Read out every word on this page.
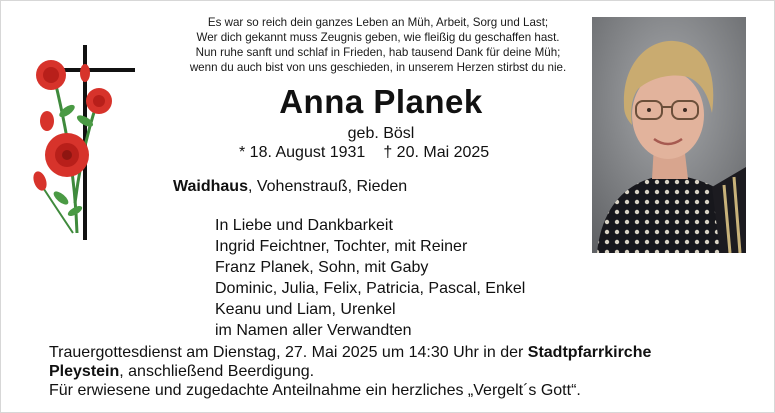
Es war so reich dein ganzes Leben an Müh, Arbeit, Sorg und Last;
Wer dich gekannt muss Zeugnis geben, wie fleißig du geschaffen hast.
Nun ruhe sanft und schlaf in Frieden, hab tausend Dank für deine Müh;
wenn du auch bist von uns geschieden, in unserem Herzen stirbst du nie.
Anna Planek
geb. Bösl
* 18. August 1931 † 20. Mai 2025
Waidhaus, Vohenstrauß, Rieden
In Liebe und Dankbarkeit
Ingrid Feichtner, Tochter, mit Reiner
Franz Planek, Sohn, mit Gaby
Dominic, Julia, Felix, Patricia, Pascal, Enkel
Keanu und Liam, Urenkel
im Namen aller Verwandten
Trauergottesdienst am Dienstag, 27. Mai 2025 um 14:30 Uhr in der Stadtpfarrkirche
Pleystein, anschließend Beerdigung.
Für erwiesene und zugedachte Anteilnahme ein herzliches „Vergelt´s Gott“.
